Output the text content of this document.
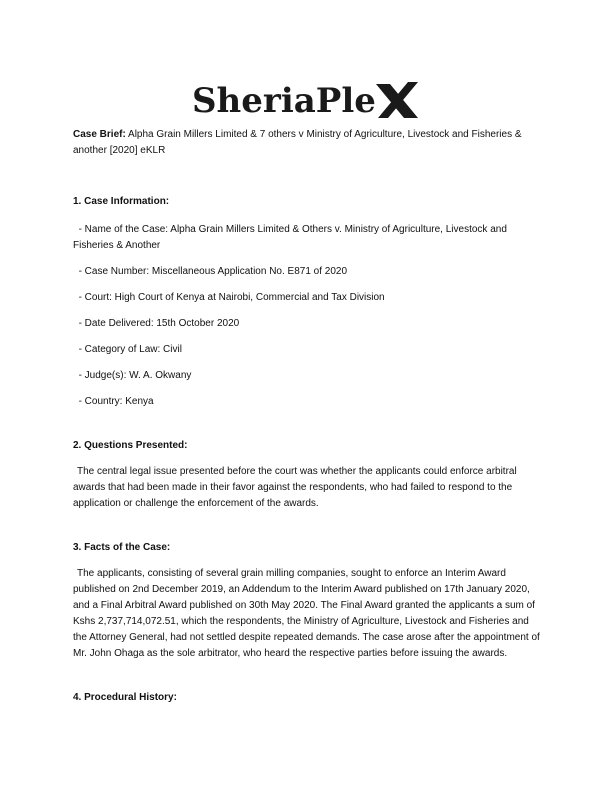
SheriaPle

Case Brief: Alpha Grain Millers Limited & 7 others v Ministry of Agriculture, Livestock and Fisheries & another [2020] eKLR

1. Case Information:

- Name of the Case: Alpha Grain Millers Limited & Others v. Ministry of Agriculture, Livestock and Fisheries & Another
- Case Number: Miscellaneous Application No. E871 of 2020
- Court: High Court of Kenya at Nairobi, Commercial and Tax Division
- Date Delivered: 15th October 2020
- Category of Law: Civil
- Judge(s): W. A. Okwany
- Country: Kenya

2. Questions Presented:

The central legal issue presented before the court was whether the applicants could enforce arbitral awards that had been made in their favor against the respondents, who had failed to respond to the application or challenge the enforcement of the awards.

3. Facts of the Case:

The applicants, consisting of several grain milling companies, sought to enforce an Interim Award published on 2nd December 2019, an Addendum to the Interim Award published on 17th January 2020, and a Final Arbitral Award published on 30th May 2020. The Final Award granted the applicants a sum of Kshs 2,737,714,072.51, which the respondents, the Ministry of Agriculture, Livestock and Fisheries and the Attorney General, had not settled despite repeated demands. The case arose after the appointment of Mr. John Ohaga as the sole arbitrator, who heard the respective parties before issuing the awards.

4. Procedural History:
